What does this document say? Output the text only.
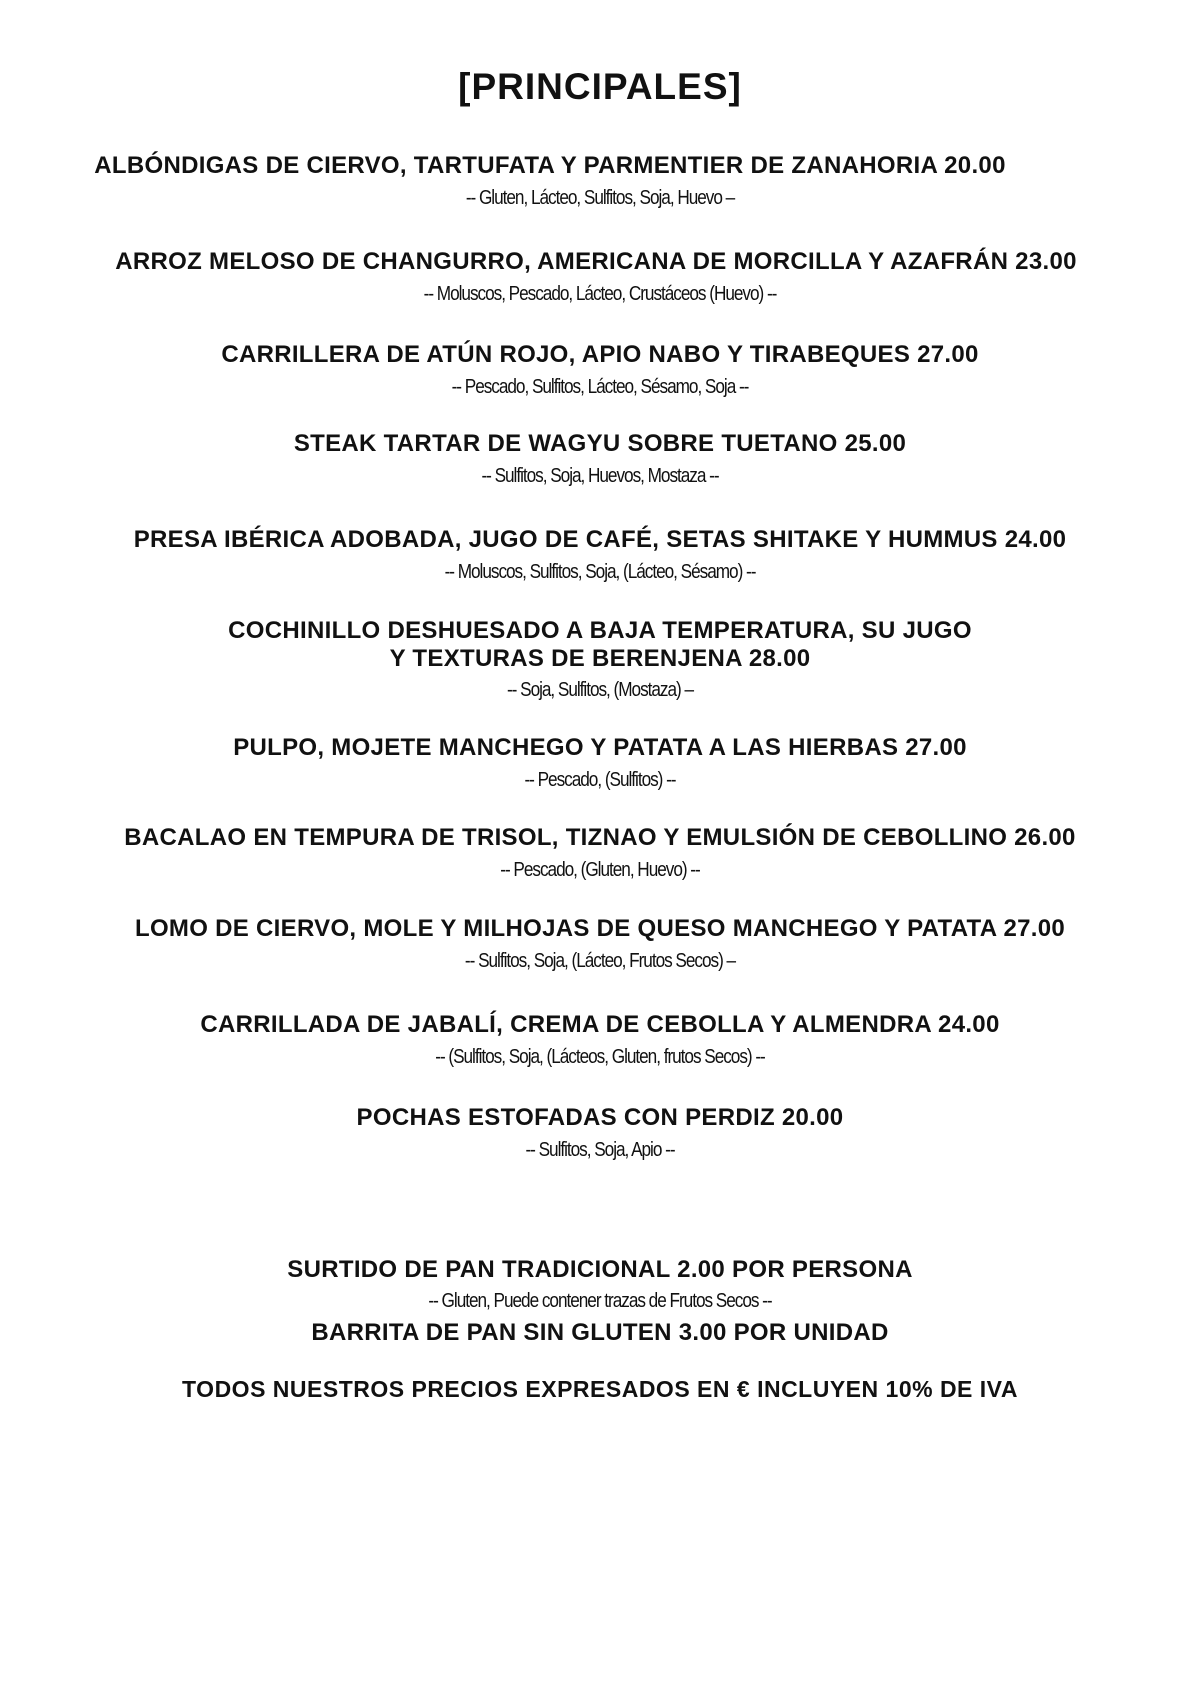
[PRINCIPALES]
ALBÓNDIGAS DE CIERVO, TARTUFATA Y PARMENTIER DE ZANAHORIA 20.00
-- Gluten, Lácteo, Sulfitos, Soja, Huevo –
ARROZ MELOSO DE CHANGURRO, AMERICANA DE MORCILLA Y AZAFRÁN 23.00
-- Moluscos, Pescado, Lácteo, Crustáceos (Huevo) --
CARRILLERA DE ATÚN ROJO, APIO NABO Y TIRABEQUES 27.00
-- Pescado, Sulfitos, Lácteo, Sésamo, Soja --
STEAK TARTAR DE WAGYU SOBRE TUETANO 25.00
-- Sulfitos, Soja, Huevos, Mostaza --
PRESA IBÉRICA ADOBADA, JUGO DE CAFÉ, SETAS SHITAKE Y HUMMUS 24.00
-- Moluscos, Sulfitos, Soja, (Lácteo, Sésamo) --
COCHINILLO DESHUESADO A BAJA TEMPERATURA, SU JUGO
Y TEXTURAS DE BERENJENA 28.00
-- Soja, Sulfitos, (Mostaza) –
PULPO, MOJETE MANCHEGO Y PATATA A LAS HIERBAS 27.00
-- Pescado, (Sulfitos) --
BACALAO EN TEMPURA DE TRISOL, TIZNAO Y EMULSIÓN DE CEBOLLINO 26.00
-- Pescado, (Gluten, Huevo) --
LOMO DE CIERVO, MOLE Y MILHOJAS DE QUESO MANCHEGO Y PATATA 27.00
-- Sulfitos, Soja, (Lácteo, Frutos Secos) –
CARRILLADA DE JABALÍ, CREMA DE CEBOLLA Y ALMENDRA 24.00
-- (Sulfitos, Soja, (Lácteos, Gluten, frutos Secos) --
POCHAS ESTOFADAS CON PERDIZ 20.00
-- Sulfitos, Soja, Apio --
SURTIDO DE PAN TRADICIONAL 2.00 POR PERSONA
-- Gluten, Puede contener trazas de Frutos Secos --
BARRITA DE PAN SIN GLUTEN 3.00 POR UNIDAD
TODOS NUESTROS PRECIOS EXPRESADOS EN € INCLUYEN 10% DE IVA
